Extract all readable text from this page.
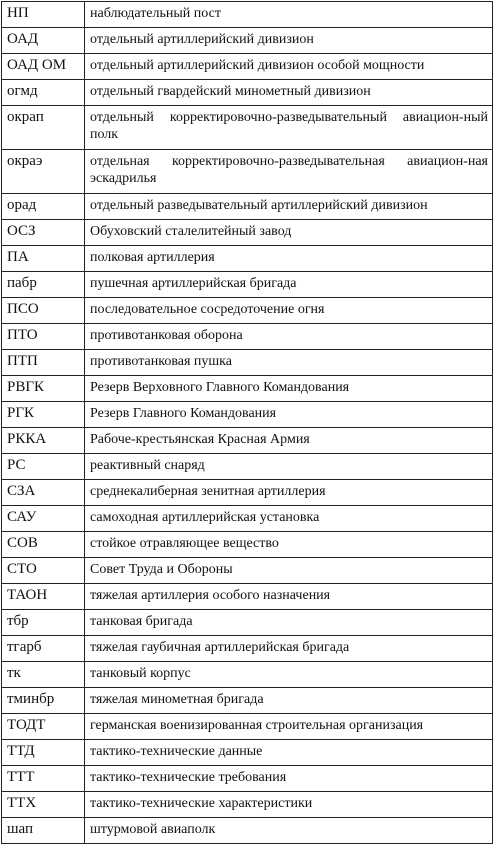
НП	наблюдательный пост
ОАД	отдельный артиллерийский дивизион
ОАД ОМ	отдельный артиллерийский дивизион особой мощности
огмд	отдельный гвардейский минометный дивизион
окрап	отдельный корректировочно-разведывательный авиацион-ный полк
окраэ	отдельная корректировочно-разведывательная авиацион-ная эскадрилья
орад	отдельный разведывательный артиллерийский дивизион
ОСЗ	Обуховский сталелитейный завод
ПА	полковая артиллерия
пабр	пушечная артиллерийская бригада
ПСО	последовательное сосредоточение огня
ПТО	противотанковая оборона
ПТП	противотанковая пушка
РВГК	Резерв Верховного Главного Командования
РГК	Резерв Главного Командования
РККА	Рабоче-крестьянская Красная Армия
РС	реактивный снаряд
СЗА	среднекалиберная зенитная артиллерия
САУ	самоходная артиллерийская установка
СОВ	стойкое отравляющее вещество
СТО	Совет Труда и Обороны
ТАОН	тяжелая артиллерия особого назначения
тбр	танковая бригада
тгарб	тяжелая гаубичная артиллерийская бригада
тк	танковый корпус
тминбр	тяжелая минометная бригада
ТОДТ	германская военизированная строительная организация
ТТД	тактико-технические данные
ТТТ	тактико-технические требования
ТТХ	тактико-технические характеристики
шап	штурмовой авиаполк
